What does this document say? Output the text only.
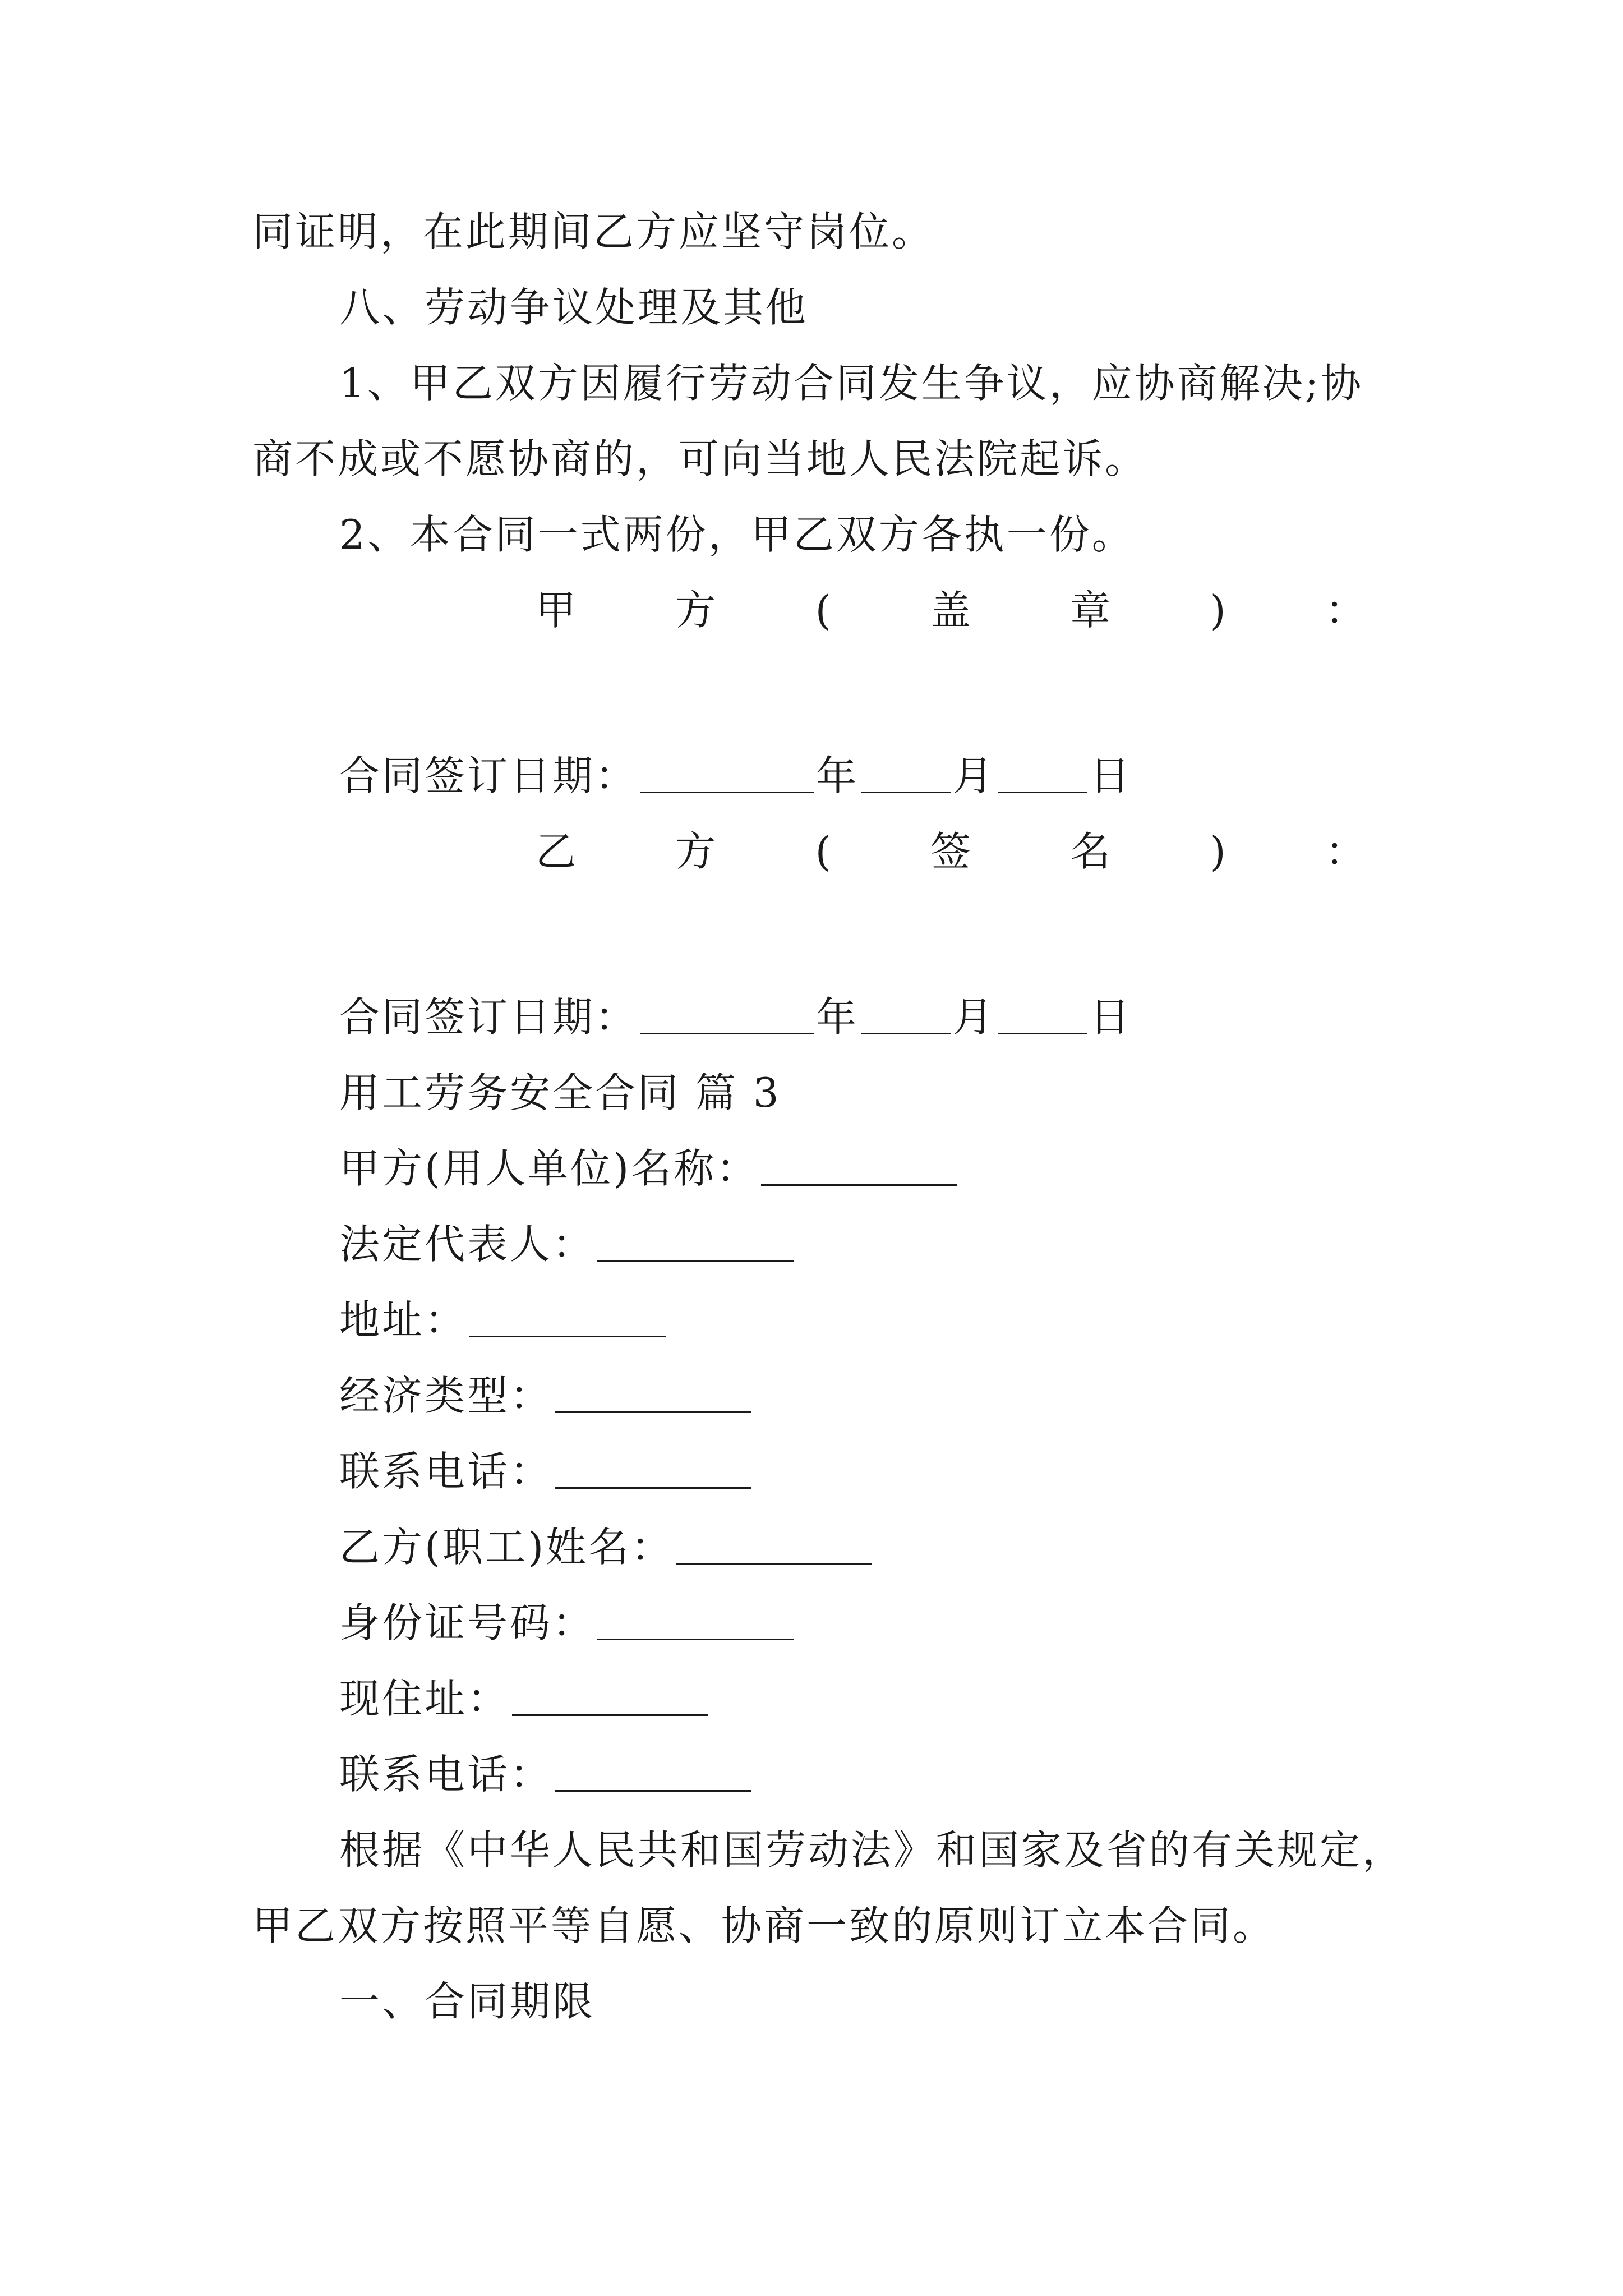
同证明，在此期间乙方应坚守岗位。
八、劳动争议处理及其他
1、甲乙双方因履行劳动合同发生争议，应协商解决;协
商不成或不愿协商的，可向当地人民法院起诉。
2、本合同一式两份，甲乙双方各执一份。
甲 方 ( 盖 章 ) ：
合同签订日期：	年 月 日
乙 方 ( 签 名 ) ：
合同签订日期：	年 月 日
用工劳务安全合同 篇 3
甲方(用人单位)名称：
法定代表人：
地址：
经济类型：
联系电话：
乙方(职工)姓名：
身份证号码：
现住址：
联系电话：
根据《中华人民共和国劳动法》和国家及省的有关规定，
甲乙双方按照平等自愿、协商一致的原则订立本合同。
一、合同期限
